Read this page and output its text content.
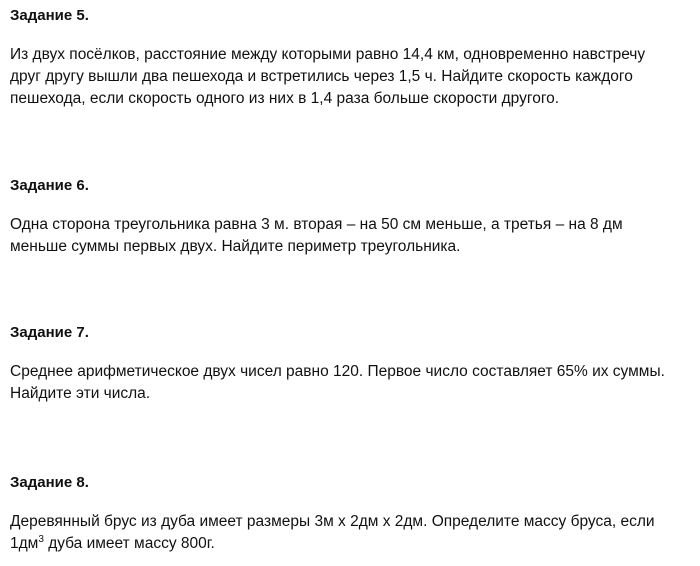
Задание 5.

Из двух посёлков, расстояние между которыми равно 14,4 км, одновременно навстречу
друг другу вышли два пешехода и встретились через 1,5 ч. Найдите скорость каждого
пешехода, если скорость одного из них в 1,4 раза больше скорости другого.

Задание 6.

Одна сторона треугольника равна 3 м. вторая – на 50 см меньше, а третья – на 8 дм
меньше суммы первых двух. Найдите периметр треугольника.

Задание 7.

Среднее арифметическое двух чисел равно 120. Первое число составляет 65% их суммы.
Найдите эти числа.

Задание 8.

Деревянный брус из дуба имеет размеры 3м х 2дм х 2дм. Определите массу бруса, если
$1дм^3$ дуба имеет массу 800г.
